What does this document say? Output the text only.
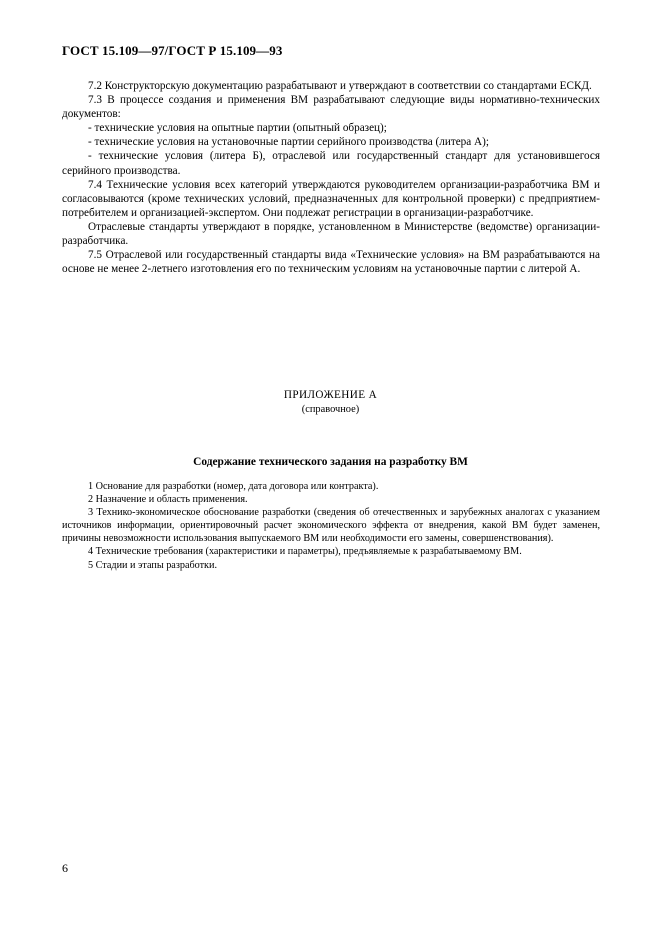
ГОСТ 15.109—97/ГОСТ Р 15.109—93

7.2 Конструкторскую документацию разрабатывают и утверждают в соответствии со стандартами ЕСКД.

7.3 В процессе создания и применения ВМ разрабатывают следующие виды нормативно-технических документов:

- технические условия на опытные партии (опытный образец);

- технические условия на установочные партии серийного производства (литера А);

- технические условия (литера Б), отраслевой или государственный стандарт для установившегося серийного производства.

7.4 Технические условия всех категорий утверждаются руководителем организации-разработчика ВМ и согласовываются (кроме технических условий, предназначенных для контрольной проверки) с предприятием-потребителем и организацией-экспертом. Они подлежат регистрации в организации-разработчике.

Отраслевые стандарты утверждают в порядке, установленном в Министерстве (ведомстве) организации-разработчика.

7.5 Отраслевой или государственный стандарты вида «Технические условия» на ВМ разрабатываются на основе не менее 2-летнего изготовления его по техническим условиям на установочные партии с литерой А.

ПРИЛОЖЕНИЕ А
(справочное)
Содержание технического задания на разработку ВМ

1 Основание для разработки (номер, дата договора или контракта).

2 Назначение и область применения.

3 Технико-экономическое обоснование разработки (сведения об отечественных и зарубежных аналогах с указанием источников информации, ориентировочный расчет экономического эффекта от внедрения, какой ВМ будет заменен, причины невозможности использования выпускаемого ВМ или необходимости его замены, совершенствования).

4 Технические требования (характеристики и параметры), предъявляемые к разрабатываемому ВМ.

5 Стадии и этапы разработки.

6
